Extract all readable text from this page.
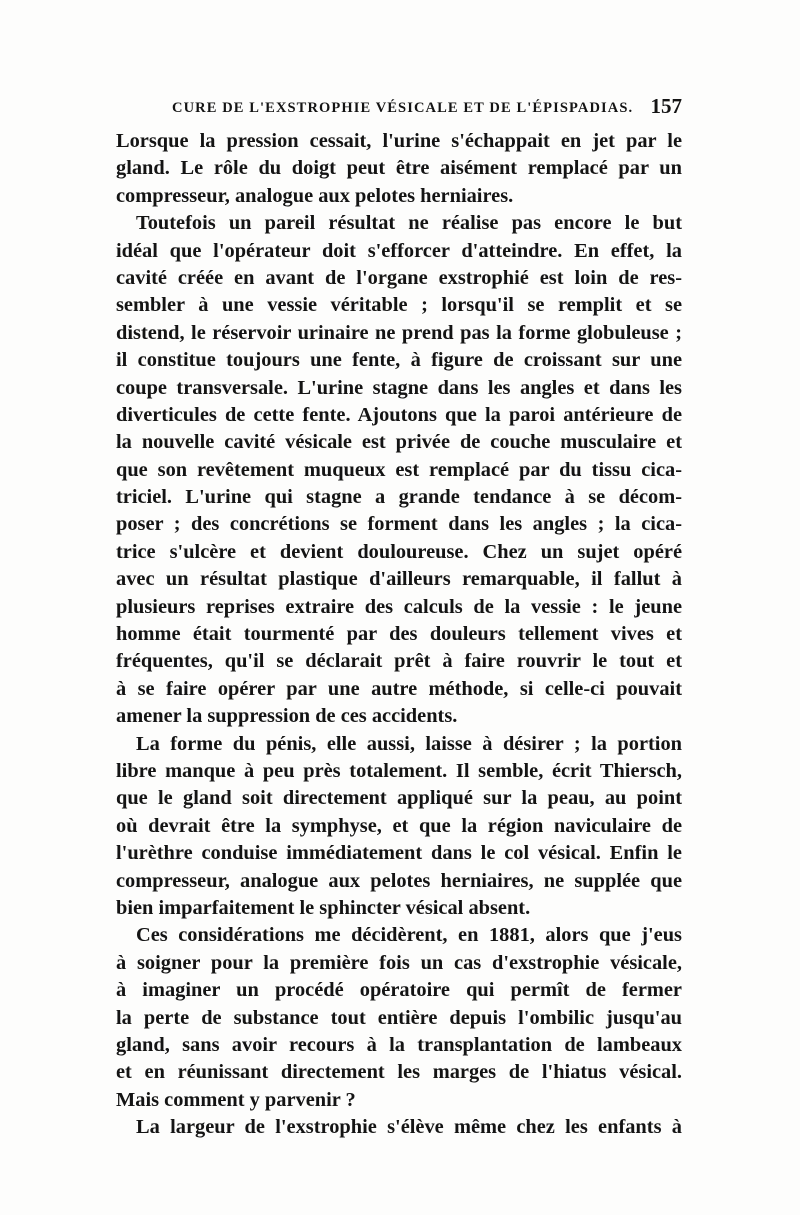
CURE DE L'EXSTROPHIE VÉSICALE ET DE L'ÉPISPADIAS. 157
Lorsque la pression cessait, l'urine s'échappait en jet par le
gland. Le rôle du doigt peut être aisément remplacé par un
compresseur, analogue aux pelotes herniaires.
Toutefois un pareil résultat ne réalise pas encore le but
idéal que l'opérateur doit s'efforcer d'atteindre. En effet, la
cavité créée en avant de l'organe exstrophié est loin de res-
sembler à une vessie véritable ; lorsqu'il se remplit et se
distend, le réservoir urinaire ne prend pas la forme globuleuse ;
il constitue toujours une fente, à figure de croissant sur une
coupe transversale. L'urine stagne dans les angles et dans les
diverticules de cette fente. Ajoutons que la paroi antérieure de
la nouvelle cavité vésicale est privée de couche musculaire et
que son revêtement muqueux est remplacé par du tissu cica-
triciel. L'urine qui stagne a grande tendance à se décom-
poser ; des concrétions se forment dans les angles ; la cica-
trice s'ulcère et devient douloureuse. Chez un sujet opéré
avec un résultat plastique d'ailleurs remarquable, il fallut à
plusieurs reprises extraire des calculs de la vessie : le jeune
homme était tourmenté par des douleurs tellement vives et
fréquentes, qu'il se déclarait prêt à faire rouvrir le tout et
à se faire opérer par une autre méthode, si celle-ci pouvait
amener la suppression de ces accidents.
La forme du pénis, elle aussi, laisse à désirer ; la portion
libre manque à peu près totalement. Il semble, écrit Thiersch,
que le gland soit directement appliqué sur la peau, au point
où devrait être la symphyse, et que la région naviculaire de
l'urèthre conduise immédiatement dans le col vésical. Enfin le
compresseur, analogue aux pelotes herniaires, ne supplée que
bien imparfaitement le sphincter vésical absent.
Ces considérations me décidèrent, en 1881, alors que j'eus
à soigner pour la première fois un cas d'exstrophie vésicale,
à imaginer un procédé opératoire qui permît de fermer
la perte de substance tout entière depuis l'ombilic jusqu'au
gland, sans avoir recours à la transplantation de lambeaux
et en réunissant directement les marges de l'hiatus vésical.
Mais comment y parvenir ?
La largeur de l'exstrophie s'élève même chez les enfants à
